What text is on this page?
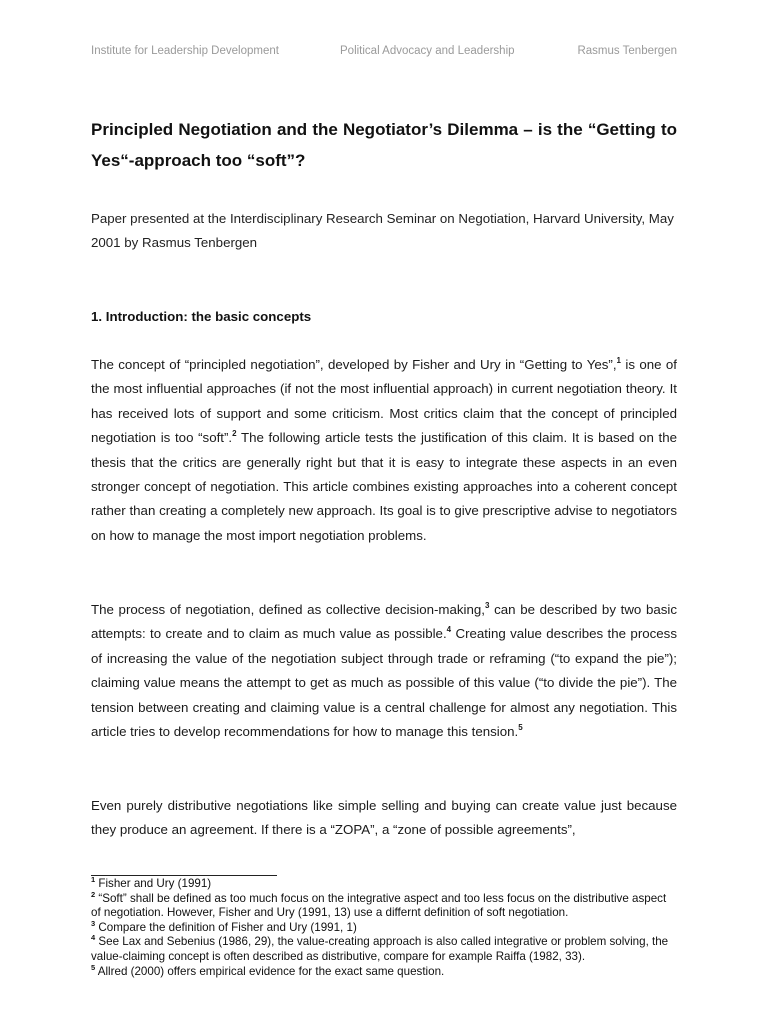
Institute for Leadership Development	Political Advocacy and Leadership	Rasmus Tenbergen
Principled Negotiation and the Negotiator’s Dilemma – is the “Getting to Yes“-approach too “soft”?

Paper presented at the Interdisciplinary Research Seminar on Negotiation, Harvard University, May 2001 by Rasmus Tenbergen

1. Introduction: the basic concepts

The concept of “principled negotiation”, developed by Fisher and Ury in “Getting to Yes”,$^1$ is one of the most influential approaches (if not the most influential approach) in current negotiation theory. It has received lots of support and some criticism. Most critics claim that the concept of principled negotiation is too “soft”.$^2$ The following article tests the justification of this claim. It is based on the thesis that the critics are generally right but that it is easy to integrate these aspects in an even stronger concept of negotiation. This article combines existing approaches into a coherent concept rather than creating a completely new approach. Its goal is to give prescriptive advise to negotiators on how to manage the most import negotiation problems.

The process of negotiation, defined as collective decision-making,$^3$ can be described by two basic attempts: to create and to claim as much value as possible.$^4$ Creating value describes the process of increasing the value of the negotiation subject through trade or reframing (“to expand the pie”); claiming value means the attempt to get as much as possible of this value (“to divide the pie”). The tension between creating and claiming value is a central challenge for almost any negotiation. This article tries to develop recommendations for how to manage this tension.$^5$

Even purely distributive negotiations like simple selling and buying can create value just because they produce an agreement. If there is a “ZOPA”, a “zone of possible agreements”,

$^1$ Fisher and Ury (1991)
$^2$ “Soft” shall be defined as too much focus on the integrative aspect and too less focus on the distributive aspect of negotiation. However, Fisher and Ury (1991, 13) use a differnt definition of soft negotiation.
$^3$ Compare the definition of Fisher and Ury (1991, 1)
$^4$ See Lax and Sebenius (1986, 29), the value-creating approach is also called integrative or problem solving, the value-claiming concept is often described as distributive, compare for example Raiffa (1982, 33).
$^5$ Allred (2000) offers empirical evidence for the exact same question.
